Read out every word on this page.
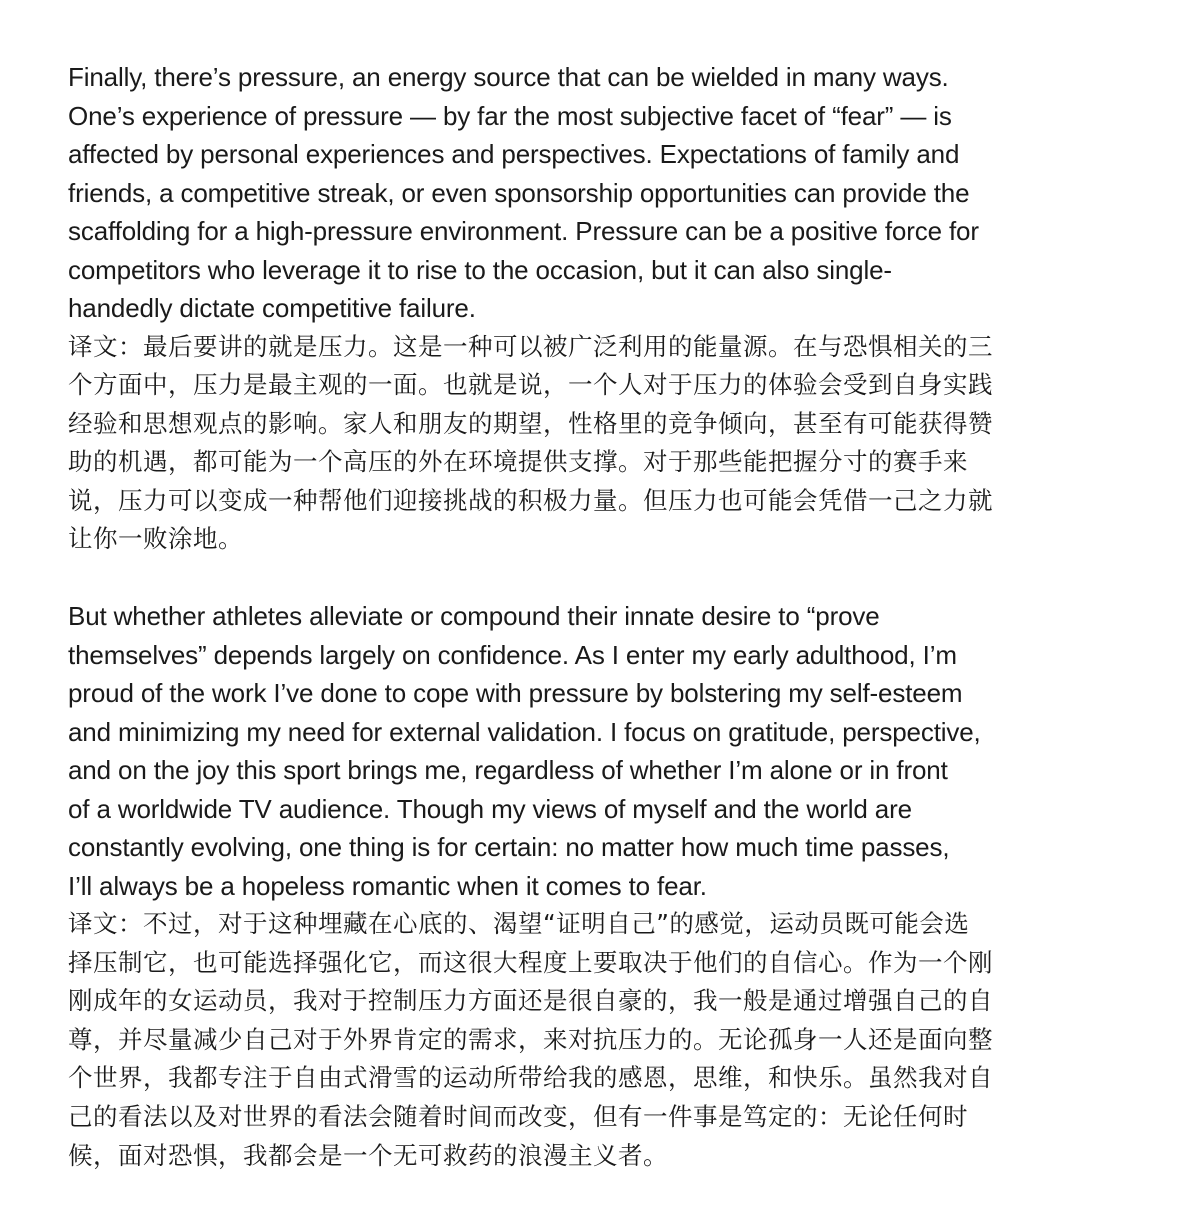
Finally, there’s pressure, an energy source that can be wielded in many ways.
One’s experience of pressure — by far the most subjective facet of “fear” — is
affected by personal experiences and perspectives. Expectations of family and
friends, a competitive streak, or even sponsorship opportunities can provide the
scaffolding for a high-pressure environment. Pressure can be a positive force for
competitors who leverage it to rise to the occasion, but it can also single-
handedly dictate competitive failure.

译文：最后要讲的就是压力。这是一种可以被广泛利用的能量源。在与恐惧相关的三
个方面中，压力是最主观的一面。也就是说，一个人对于压力的体验会受到自身实践
经验和思想观点的影响。家人和朋友的期望，性格里的竞争倾向，甚至有可能获得赞
助的机遇，都可能为一个高压的外在环境提供支撑。对于那些能把握分寸的赛手来
说，压力可以变成一种帮他们迎接挑战的积极力量。但压力也可能会凭借一己之力就
让你一败涂地。

But whether athletes alleviate or compound their innate desire to “prove
themselves” depends largely on confidence. As I enter my early adulthood, I’m
proud of the work I’ve done to cope with pressure by bolstering my self-esteem
and minimizing my need for external validation. I focus on gratitude, perspective,
and on the joy this sport brings me, regardless of whether I’m alone or in front
of a worldwide TV audience. Though my views of myself and the world are
constantly evolving, one thing is for certain: no matter how much time passes,
I’ll always be a hopeless romantic when it comes to fear.

译文：不过，对于这种埋藏在心底的、渴望“证明自己”的感觉，运动员既可能会选
择压制它，也可能选择强化它，而这很大程度上要取决于他们的自信心。作为一个刚
刚成年的女运动员，我对于控制压力方面还是很自豪的，我一般是通过增强自己的自
尊，并尽量减少自己对于外界肯定的需求，来对抗压力的。无论孤身一人还是面向整
个世界，我都专注于自由式滑雪的运动所带给我的感恩，思维，和快乐。虽然我对自
己的看法以及对世界的看法会随着时间而改变，但有一件事是笃定的：无论任何时
候，面对恐惧，我都会是一个无可救药的浪漫主义者。
